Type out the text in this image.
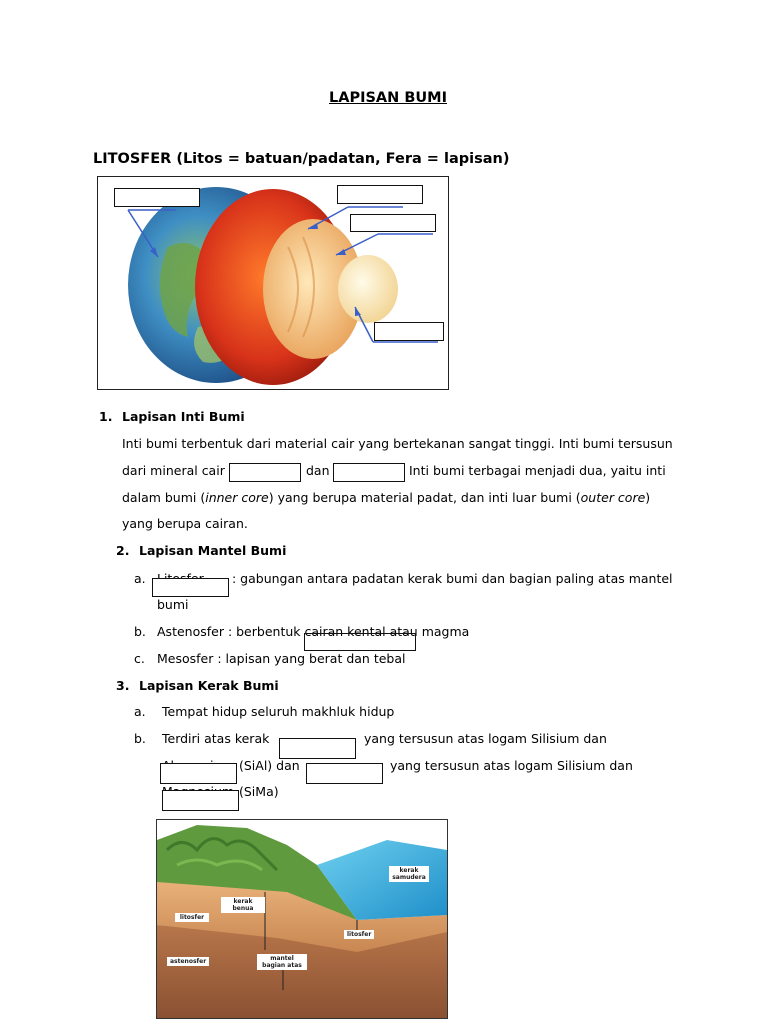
LAPISAN BUMI
LITOSFER (Litos = batuan/padatan, Fera = lapisan)
1. Lapisan Inti Bumi
Inti bumi terbentuk dari material cair yang bertekanan sangat tinggi. Inti bumi tersusun
dari mineral cair	dan	Inti bumi terbagai menjadi dua, yaitu inti
dalam bumi (inner core) yang berupa material padat, dan inti luar bumi (outer core)
yang berupa cairan.
2. Lapisan Mantel Bumi
a.	: gabungan antara padatan kerak bumi dan bagian paling atas mantel
bumi
b. Astenosfer : berbentuk cairan kental atau magma
c. Mesosfer : lapisan yang berat dan tebal
3. Lapisan Kerak Bumi
a. Tempat hidup seluruh makhluk hidup
b. Terdiri atas kerak	yang tersusun atas logam Silisium dan
(SiAl) dan	yang tersusun atas logam Silisium dan
(SiMa)
kerak samudera
kerak benua
litosfer
litosfer
astenosfer	mantel bagian atas
